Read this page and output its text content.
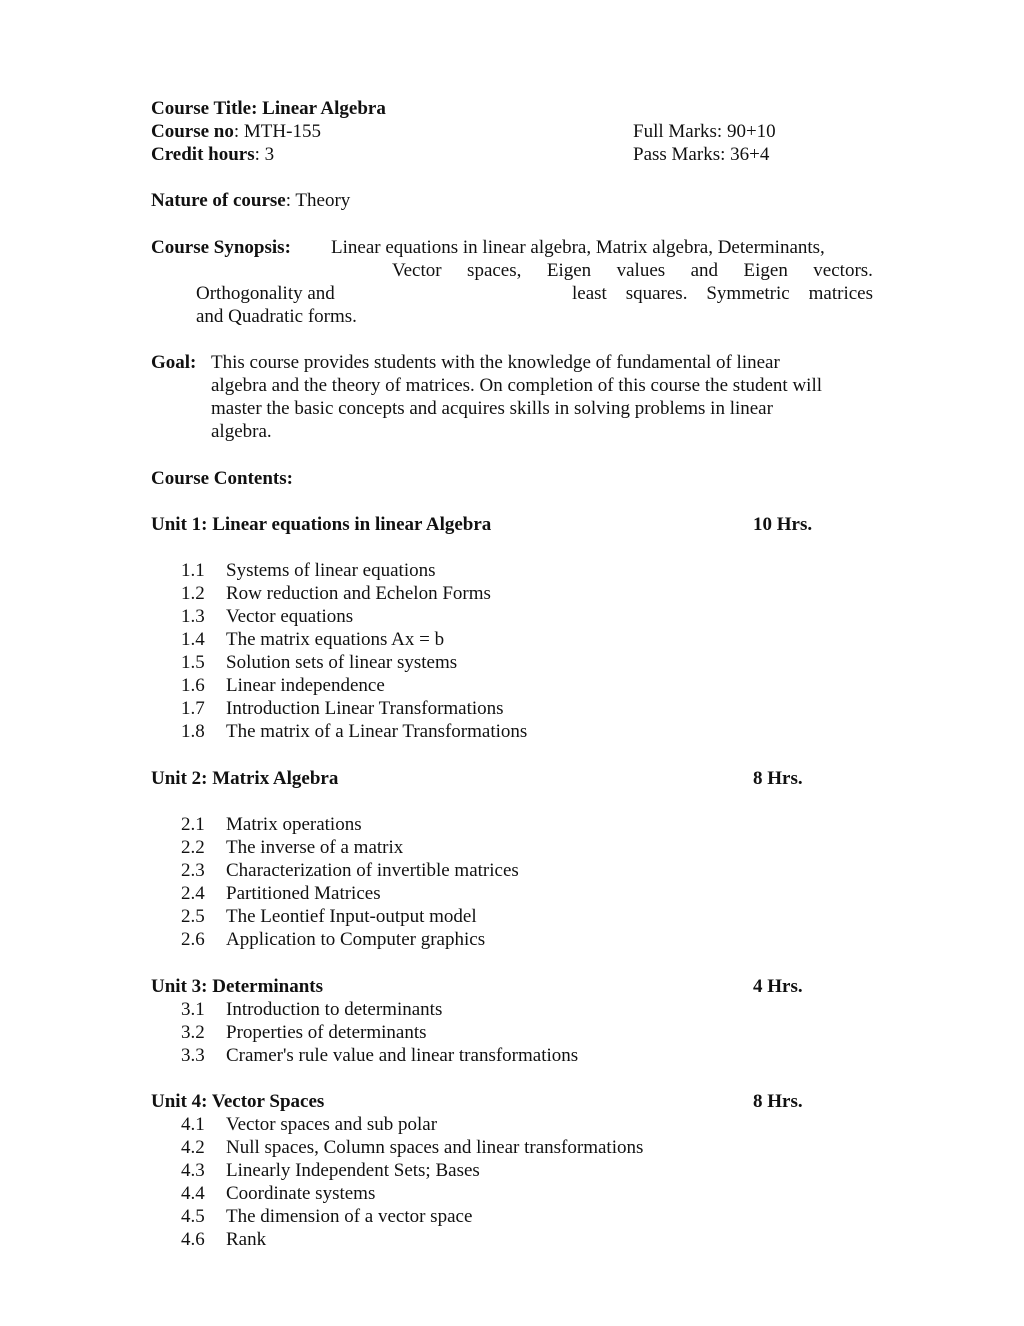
Course Title: Linear Algebra
Course no: MTH-155	Full Marks: 90+10
Credit hours: 3	Pass Marks: 36+4
Nature of course: Theory
Course Synopsis: Linear equations in linear algebra, Matrix algebra, Determinants,
Vector spaces, Eigen values and Eigen vectors.
Orthogonality and	least squares. Symmetric matrices
and Quadratic forms.
Goal: This course provides students with the knowledge of fundamental of linear
algebra and the theory of matrices. On completion of this course the student will
master the basic concepts and acquires skills in solving problems in linear
algebra.
Course Contents:
Unit 1: Linear equations in linear Algebra	10 Hrs.
Unit 2: Matrix Algebra	8 Hrs.
Unit 3: Determinants	4 Hrs.
Unit 4: Vector Spaces	8 Hrs.
1.1 Systems of linear equations
1.2 Row reduction and Echelon Forms
1.3 Vector equations
1.4 The matrix equations Ax = b
1.5 Solution sets of linear systems
1.6 Linear independence
1.7 Introduction Linear Transformations
1.8 The matrix of a Linear Transformations
2.1 Matrix operations
2.2 The inverse of a matrix
2.3 Characterization of invertible matrices
2.4 Partitioned Matrices
2.5 The Leontief Input-output model
2.6 Application to Computer graphics
3.1 Introduction to determinants
3.2 Properties of determinants
3.3 Cramer's rule value and linear transformations
4.1 Vector spaces and sub polar
4.2 Null spaces, Column spaces and linear transformations
4.3 Linearly Independent Sets; Bases
4.4 Coordinate systems
4.5 The dimension of a vector space
4.6 Rank
